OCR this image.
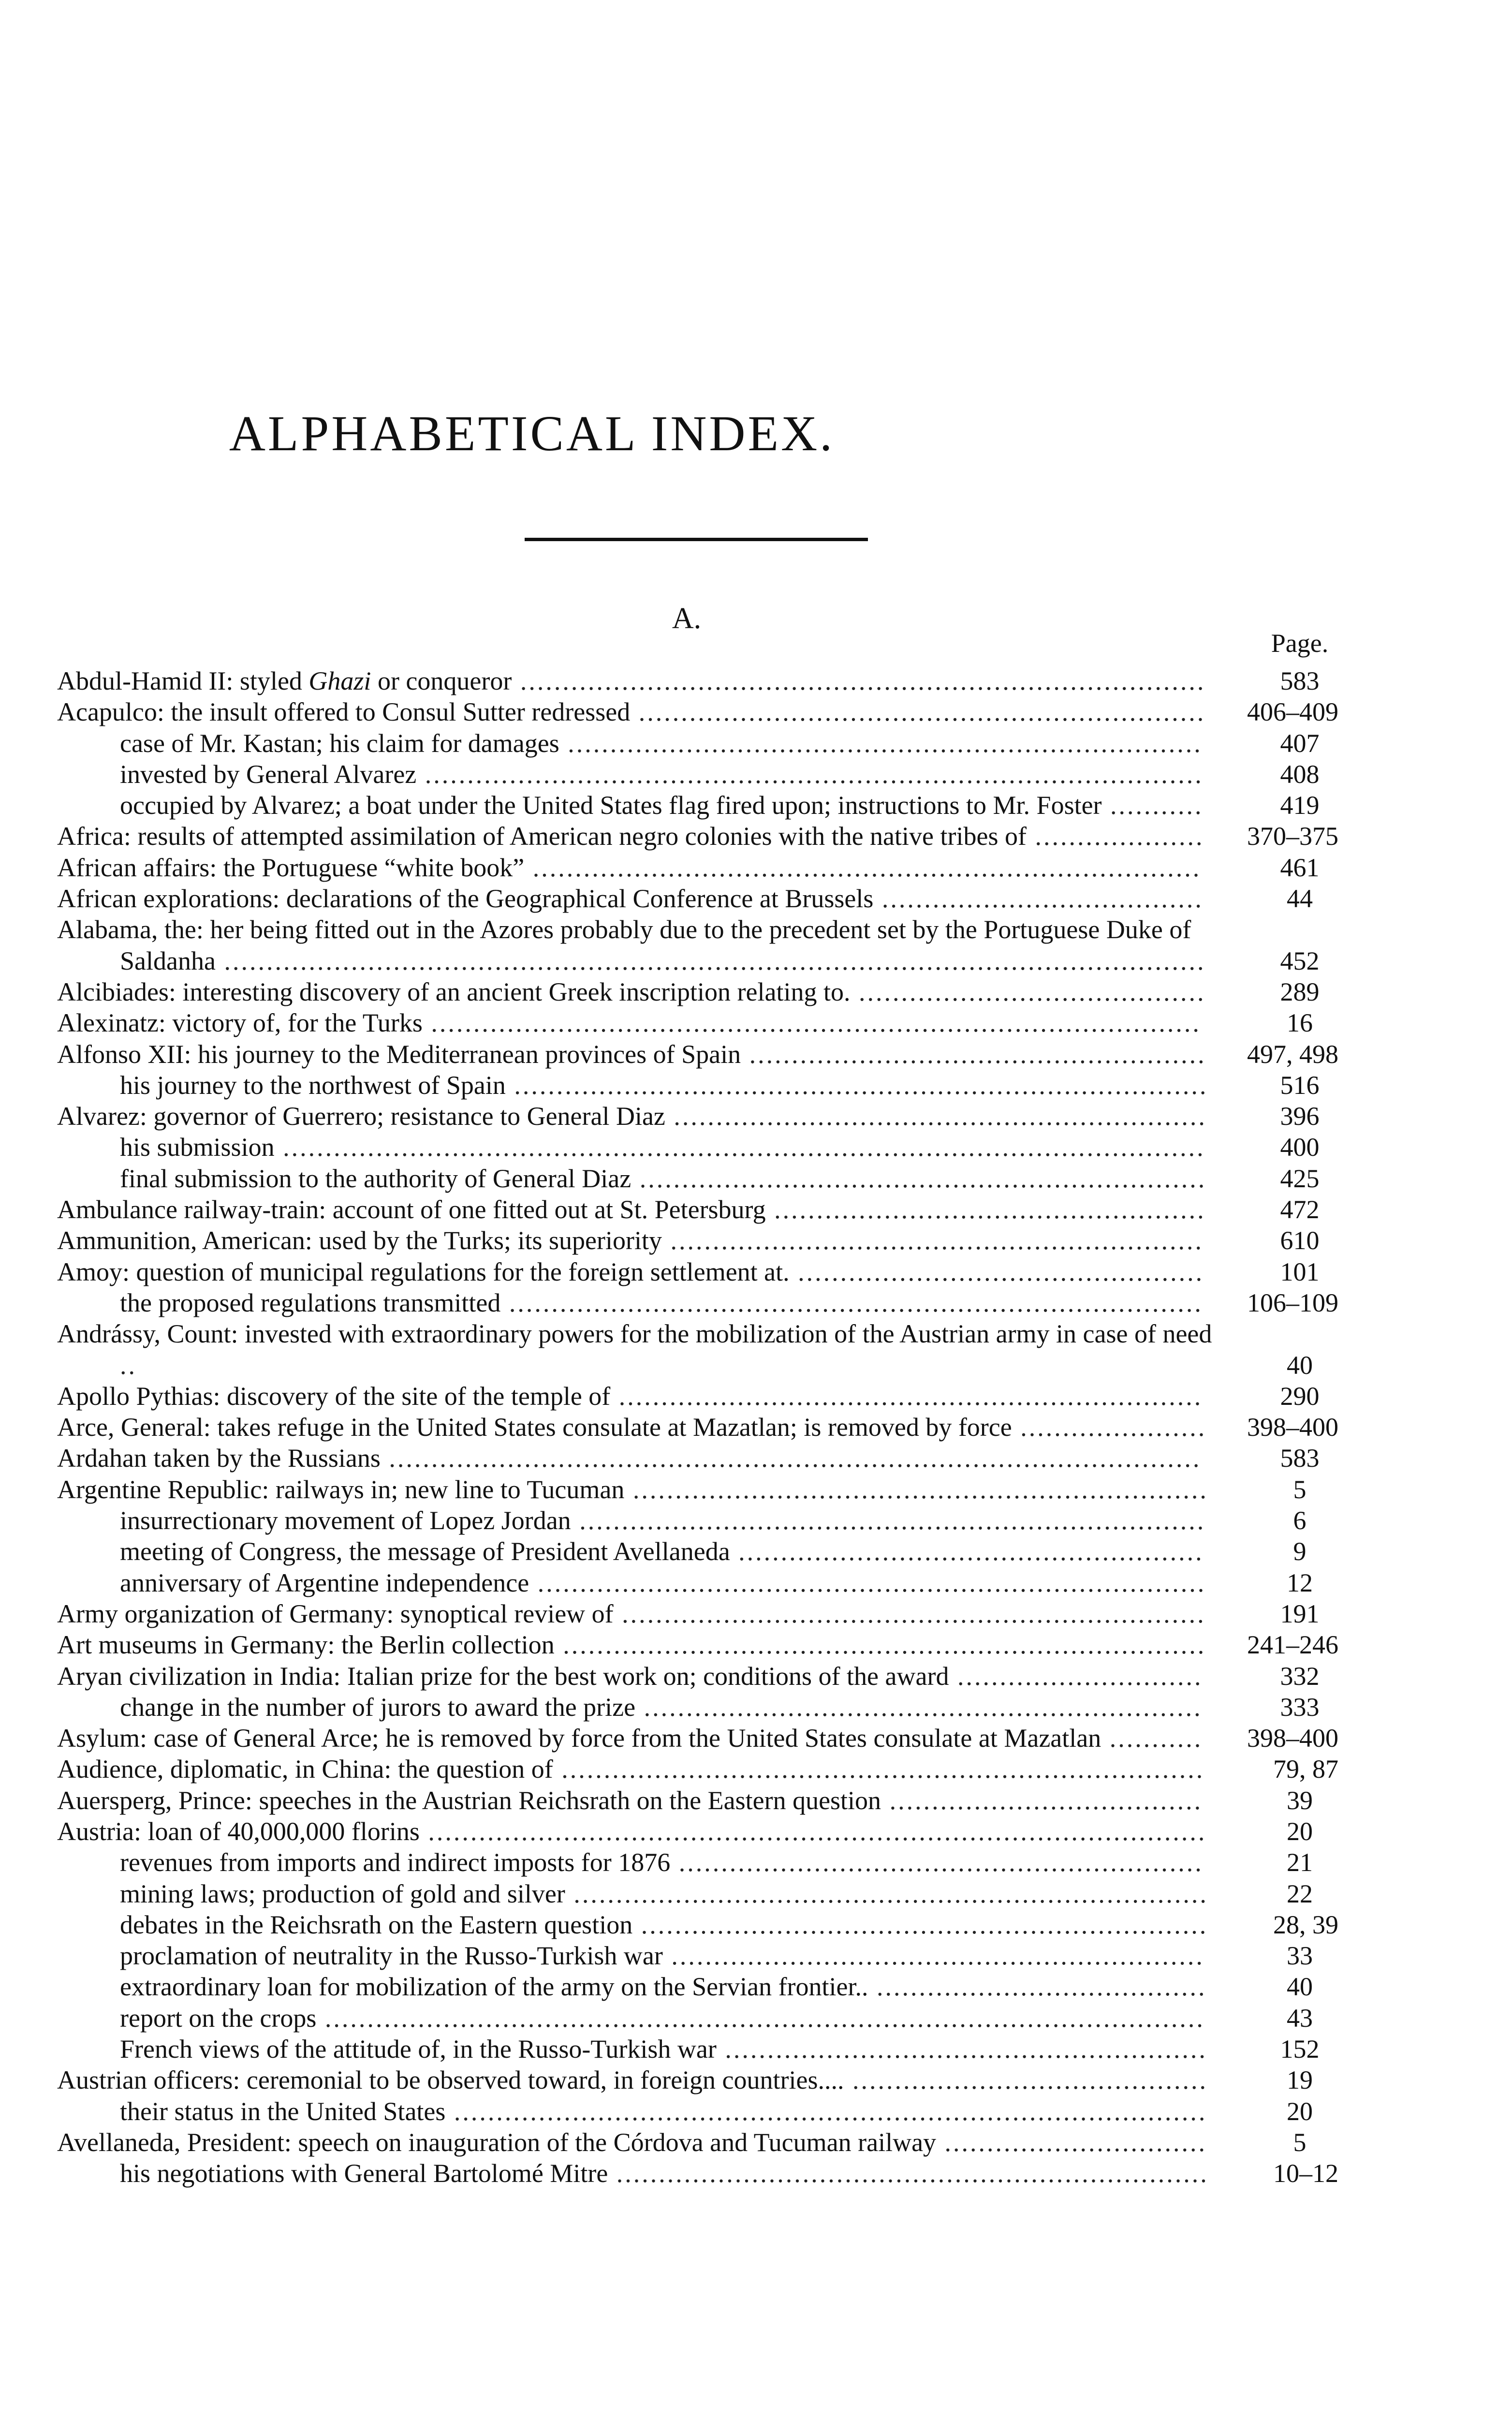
ALPHABETICAL INDEX.
A.
Page.
Abdul-Hamid II: styled Ghazi or conqueror .................................................................................	583
Acapulco: the insult offered to Consul Sutter redressed ...................................................................	406–409
case of Mr. Kastan; his claim for damages ...........................................................................	407
invested by General Alvarez ............................................................................................	408
occupied by Alvarez; a boat under the United States flag fired upon; instructions to Mr. Foster ...........	419
Africa: results of attempted assimilation of American negro colonies with the native tribes of ....................	370–375
African affairs: the Portuguese “white book” ...............................................................................	461
African explorations: declarations of the Geographical Conference at Brussels ......................................	44
Alabama, the: her being fitted out in the Azores probably due to the precedent set by the Portuguese Duke of Saldanha ....................................................................................................................	452
Alcibiades: interesting discovery of an ancient Greek inscription relating to. .........................................	289
Alexinatz: victory of, for the Turks ...........................................................................................	16
Alfonso XII: his journey to the Mediterranean provinces of Spain ......................................................	497, 498
his journey to the northwest of Spain ..................................................................................	516
Alvarez: governor of Guerrero; resistance to General Diaz ...............................................................	396
his submission .............................................................................................................	400
final submission to the authority of General Diaz ...................................................................	425
Ambulance railway-train: account of one fitted out at St. Petersburg ...................................................	472
Ammunition, American: used by the Turks; its superiority ...............................................................	610
Amoy: question of municipal regulations for the foreign settlement at. ................................................	101
the proposed regulations transmitted ..................................................................................	106–109
Andrássy, Count: invested with extraordinary powers for the mobilization of the Austrian army in case of need ..	40
Apollo Pythias: discovery of the site of the temple of .....................................................................	290
Arce, General: takes refuge in the United States consulate at Mazatlan; is removed by force ......................	398–400
Ardahan taken by the Russians ................................................................................................	583
Argentine Republic: railways in; new line to Tucuman ....................................................................	5
insurrectionary movement of Lopez Jordan ..........................................................................	6
meeting of Congress, the message of President Avellaneda .......................................................	9
anniversary of Argentine independence ...............................................................................	12
Army organization of Germany: synoptical review of .....................................................................	191
Art museums in Germany: the Berlin collection ............................................................................	241–246
Aryan civilization in India: Italian prize for the best work on; conditions of the award .............................	332
change in the number of jurors to award the prize ..................................................................	333
Asylum: case of General Arce; he is removed by force from the United States consulate at Mazatlan ...........	398–400
Audience, diplomatic, in China: the question of ............................................................................	79, 87
Auersperg, Prince: speeches in the Austrian Reichsrath on the Eastern question .....................................	39
Austria: loan of 40,000,000 florins ............................................................................................	20
revenues from imports and indirect imposts for 1876 ..............................................................	21
mining laws; production of gold and silver ...........................................................................	22
debates in the Reichsrath on the Eastern question ...................................................................	28, 39
proclamation of neutrality in the Russo-Turkish war ...............................................................	33
extraordinary loan for mobilization of the army on the Servian frontier.. .......................................	40
report on the crops ........................................................................................................	43
French views of the attitude of, in the Russo-Turkish war .........................................................	152
Austrian officers: ceremonial to be observed toward, in foreign countries.... ..........................................	19
their status in the United States .........................................................................................	20
Avellaneda, President: speech on inauguration of the Córdova and Tucuman railway ...............................	5
his negotiations with General Bartolomé Mitre ......................................................................	10–12
